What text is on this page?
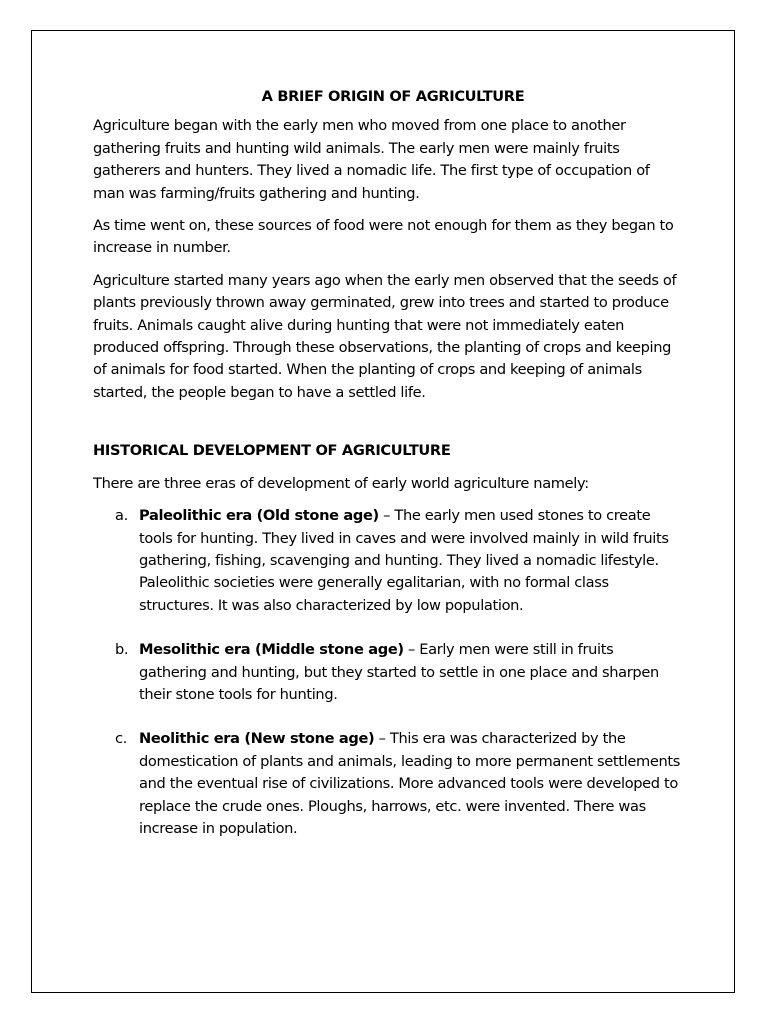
A BRIEF ORIGIN OF AGRICULTURE

Agriculture began with the early men who moved from one place to another gathering fruits and hunting wild animals. The early men were mainly fruits gatherers and hunters. They lived a nomadic life. The first type of occupation of man was farming/fruits gathering and hunting.

As time went on, these sources of food were not enough for them as they began to increase in number.

Agriculture started many years ago when the early men observed that the seeds of plants previously thrown away germinated, grew into trees and started to produce fruits. Animals caught alive during hunting that were not immediately eaten produced offspring. Through these observations, the planting of crops and keeping of animals for food started. When the planting of crops and keeping of animals started, the people began to have a settled life.

HISTORICAL DEVELOPMENT OF AGRICULTURE

There are three eras of development of early world agriculture namely:

a. Paleolithic era (Old stone age) – The early men used stones to create tools for hunting. They lived in caves and were involved mainly in wild fruits gathering, fishing, scavenging and hunting. They lived a nomadic lifestyle. Paleolithic societies were generally egalitarian, with no formal class structures. It was also characterized by low population.
b. Mesolithic era (Middle stone age) – Early men were still in fruits gathering and hunting, but they started to settle in one place and sharpen their stone tools for hunting.
c. Neolithic era (New stone age) – This era was characterized by the domestication of plants and animals, leading to more permanent settlements and the eventual rise of civilizations. More advanced tools were developed to replace the crude ones. Ploughs, harrows, etc. were invented. There was increase in population.
